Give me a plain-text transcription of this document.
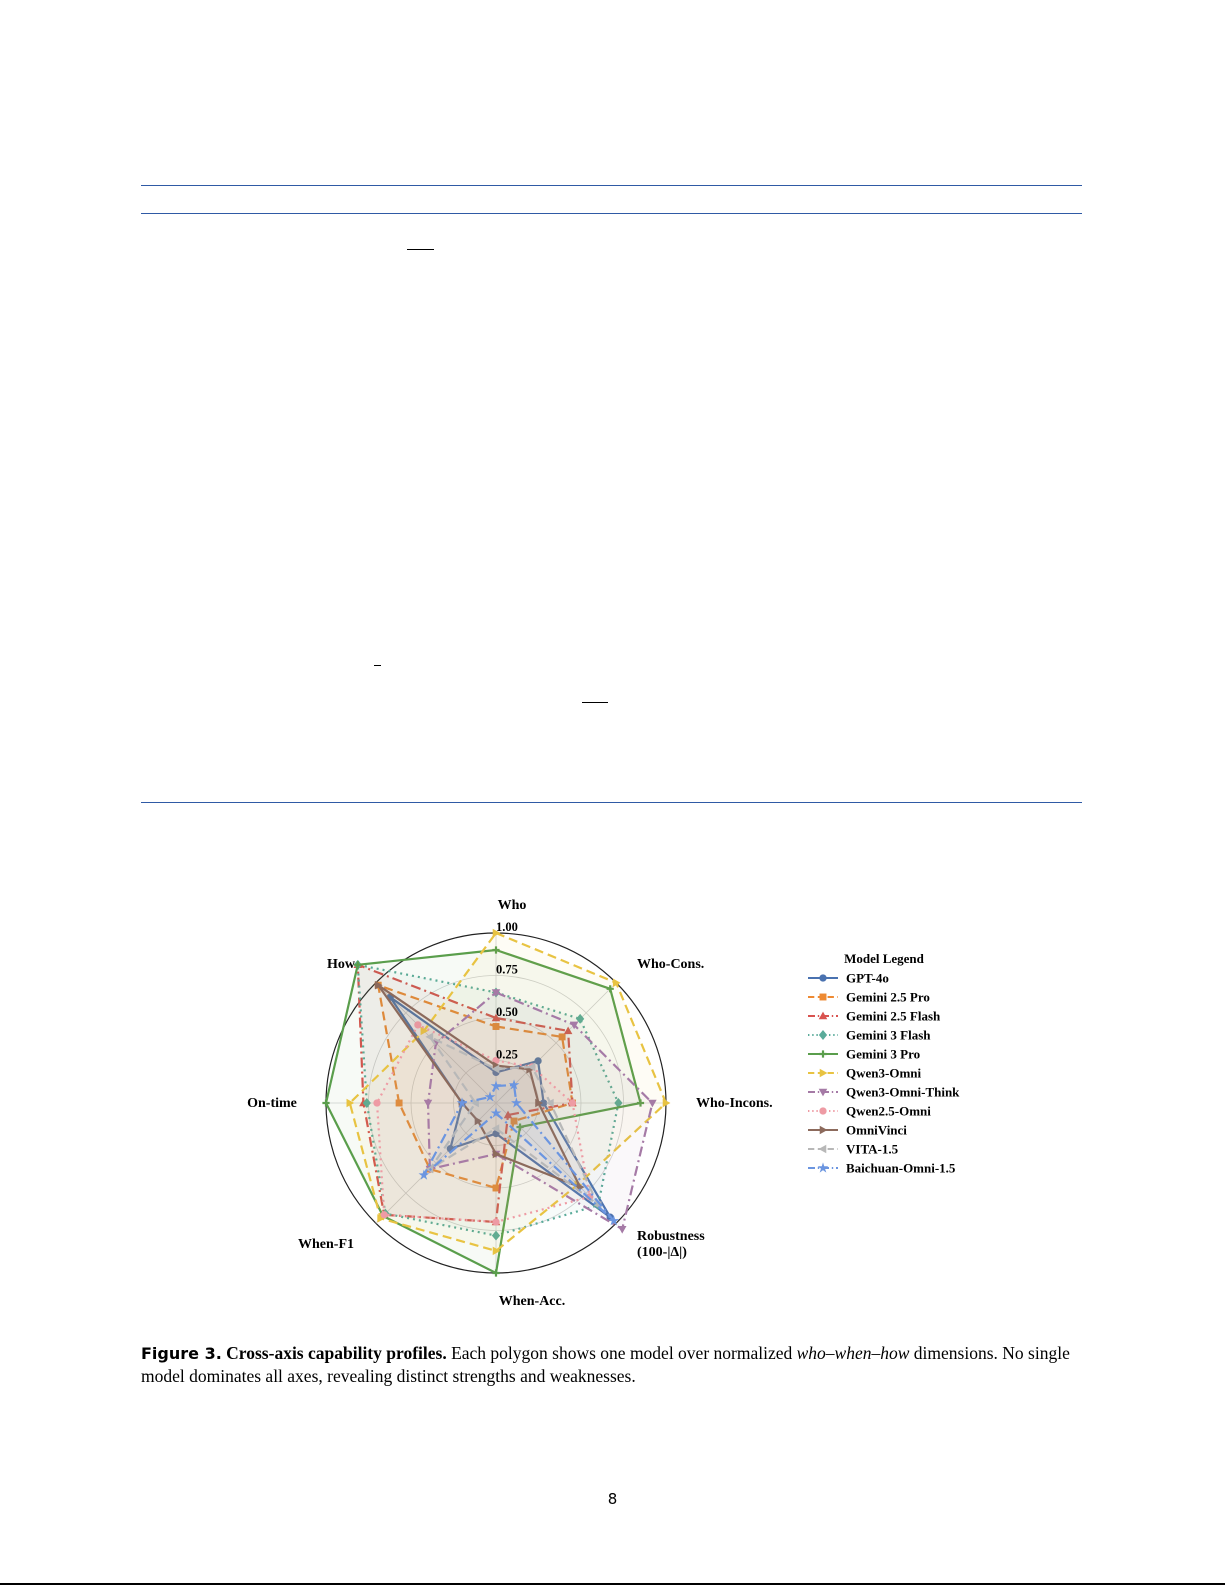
Who
Who-Cons.
Who-Incons.
Robustness (100-|Δ|)
When-Acc.
When-F1
On-time
How
0.25
0.50
0.75
1.00
Model Legend
GPT-4o
Gemini 2.5 Pro
Gemini 2.5 Flash
Gemini 3 Flash
Gemini 3 Pro
Qwen3-Omni
Qwen3-Omni-Think
Qwen2.5-Omni
OmniVinci
VITA-1.5
Baichuan-Omni-1.5
Figure 3. Cross-axis capability profiles. Each polygon shows one model over normalized who–when–how dimensions. No single model dominates all axes, revealing distinct strengths and weaknesses.
8
